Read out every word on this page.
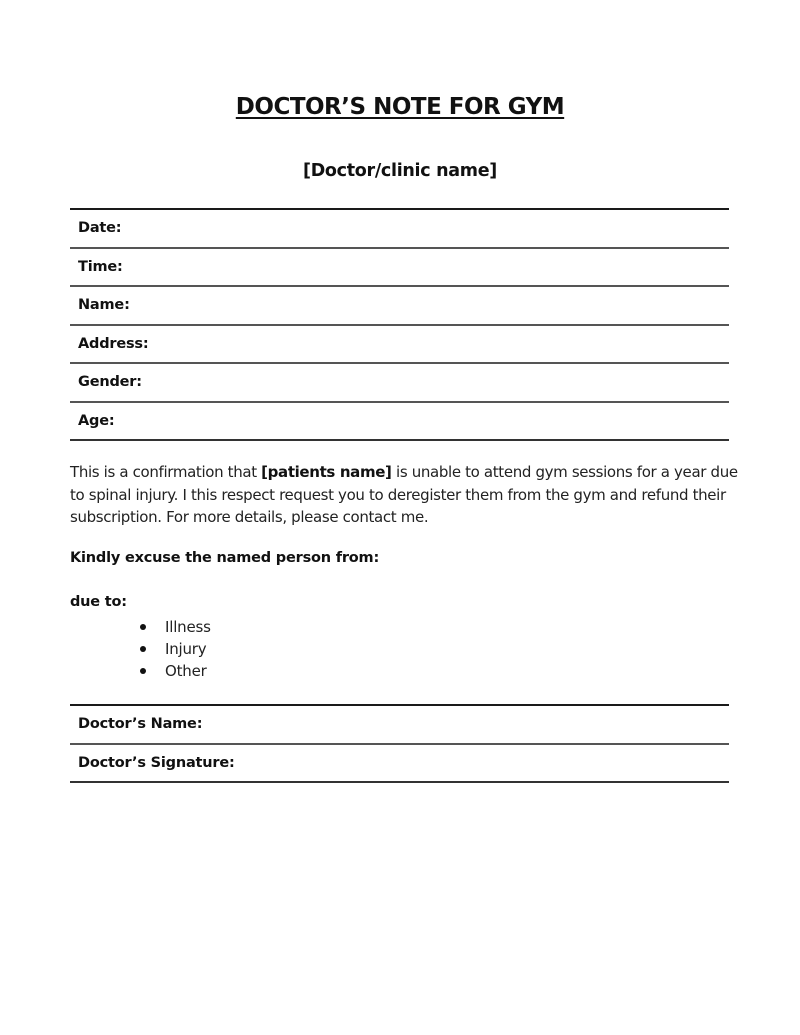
DOCTOR’S NOTE FOR GYM
[Doctor/clinic name]
Date:
Time:
Name:
Address:
Gender:
Age:
This is a confirmation that [patients name] is unable to attend gym sessions for a year due to spinal injury. I this respect request you to deregister them from the gym and refund their subscription. For more details, please contact me.
Kindly excuse the named person from:
due to:
Illness
Injury
Other
Doctor’s Name:
Doctor’s Signature:
